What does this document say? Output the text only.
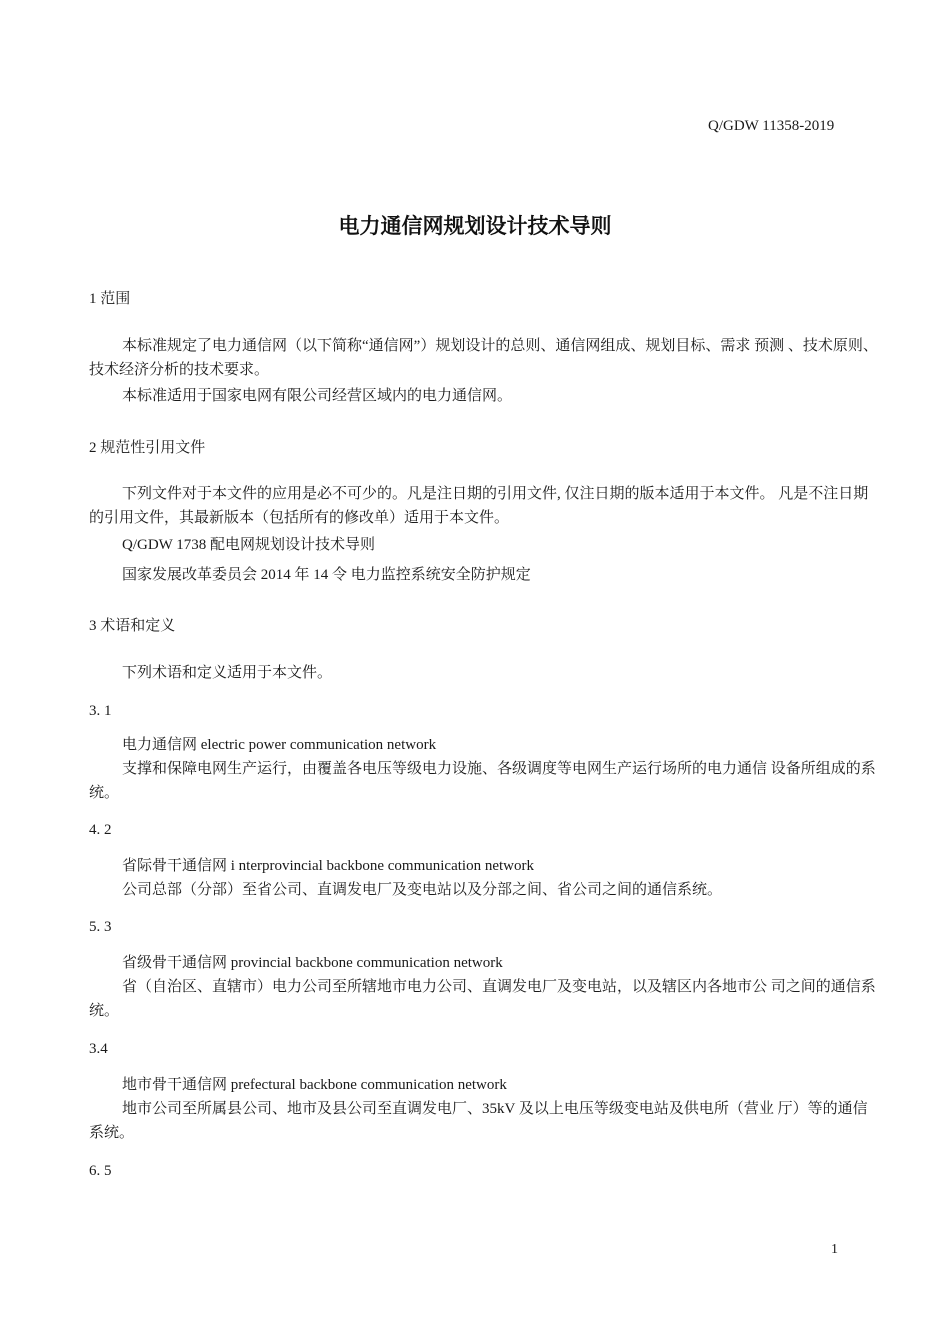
Q/GDW 11358-2019
电力通信网规划设计技术导则
1 范围
本标准规定了电力通信网（以下简称“通信网”）规划设计的总则、通信网组成、规划目标、需求 预测 、技术原则、技术经济分析的技术要求。
本标准适用于国家电网有限公司经营区域内的电力通信网。
2 规范性引用文件
下列文件对于本文件的应用是必不可少的。凡是注日期的引用文件, 仅注日期的版本适用于本文件。 凡是不注日期的引用文件，其最新版本（包括所有的修改单）适用于本文件。
Q/GDW 1738 配电网规划设计技术导则
国家发展改革委员会 2014 年 14 令 电力监控系统安全防护规定
3 术语和定义
下列术语和定义适用于本文件。
3. 1
电力通信网 electric power communication network
支撑和保障电网生产运行，由覆盖各电压等级电力设施、各级调度等电网生产运行场所的电力通信 设备所组成的系统。
4. 2
省际骨干通信网 i nterprovincial backbone communication network
公司总部（分部）至省公司、直调发电厂及变电站以及分部之间、省公司之间的通信系统。
5. 3
省级骨干通信网 provincial backbone communication network
省（自治区、直辖市）电力公司至所辖地市电力公司、直调发电厂及变电站，以及辖区内各地市公 司之间的通信系统。
3.4
地市骨干通信网 prefectural backbone communication network
地市公司至所属县公司、地市及县公司至直调发电厂、35kV 及以上电压等级变电站及供电所（营业 厅）等的通信系统。
6. 5
1
